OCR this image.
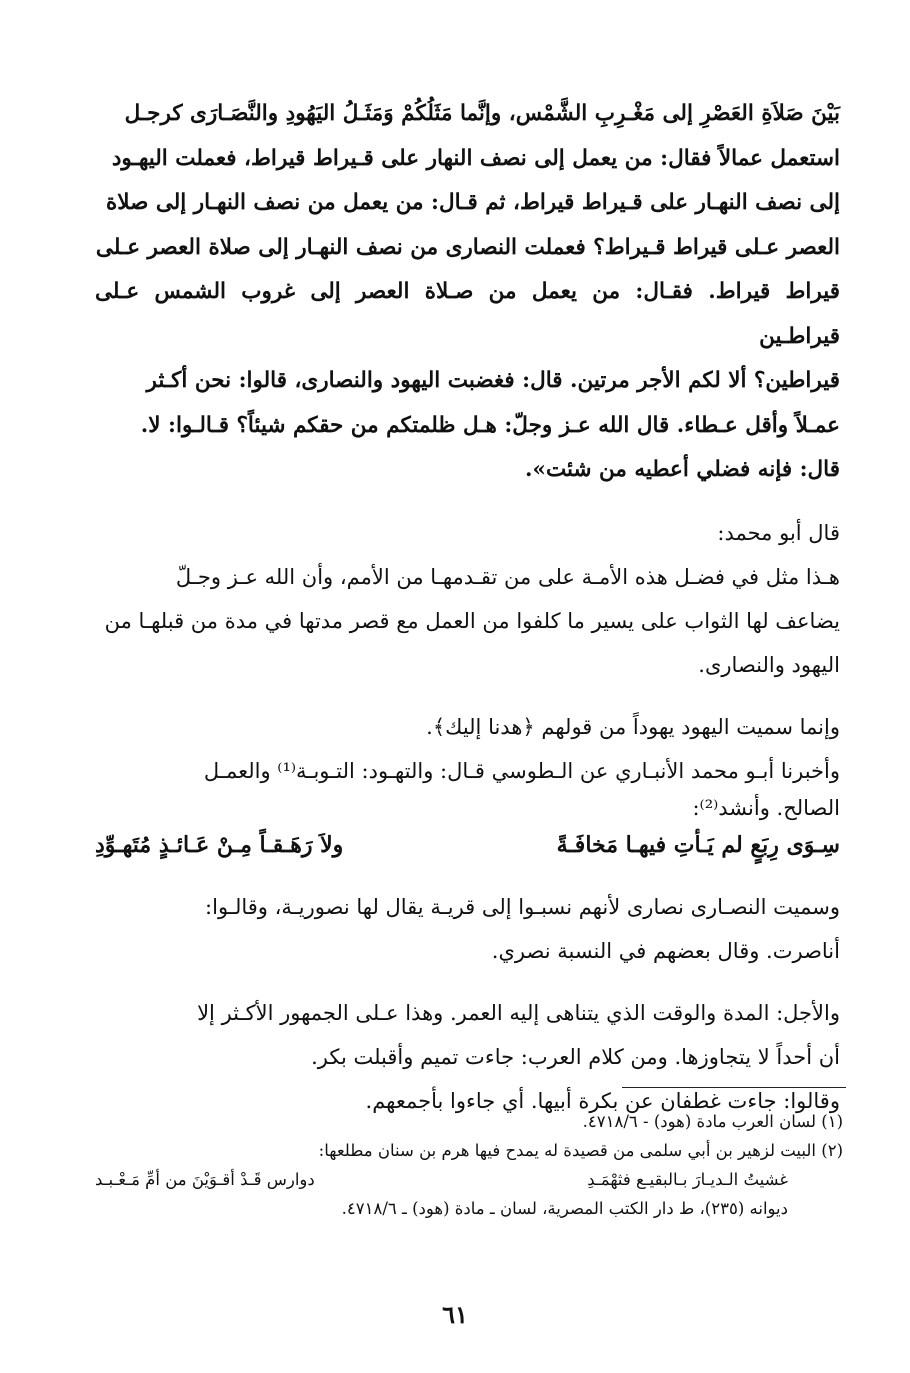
بَيْنَ صَلاَةِ العَصْرِ إلى مَغْـرِبِ الشَّمْس، وإنَّما مَثَلُكُمْ وَمَثَـلُ اليَهُودِ والنَّصَـارَى كرجـل

استعمل عمالاً فقال: من يعمل إلى نصف النهار على قـيراط قيراط، فعملت اليهـود

إلى نصف النهـار على قـيراط قيراط، ثم قـال: من يعمل من نصف النهـار إلى صلاة

العصر عـلى قيراط قـيراط؟ فعملت النصارى من نصف النهـار إلى صلاة العصر عـلى

قيراط قيراط. فقـال: من يعمل من صـلاة العصر إلى غروب الشمس عـلى قيراطـين

قيراطين؟ ألا لكم الأجر مرتين. قال: فغضبت اليهود والنصارى، قالوا: نحن أكـثر

عمـلاً وأقل عـطاء. قال الله عـز وجلّ: هـل ظلمتكم من حقكم شيئاً؟ قـالـوا: لا.

قال: فإنه فضلي أعطيه من شئت».

قال أبو محمد:

هـذا مثل في فضـل هذه الأمـة على من تقـدمهـا من الأمم، وأن الله عـز وجـلّ

يضاعف لها الثواب على يسير ما كلفوا من العمل مع قصر مدتها في مدة من قبلهـا من

اليهود والنصارى.

وإنما سميت اليهود يهوداً من قولهم ﴿هدنا إليك﴾.

وأخبرنا أبـو محمد الأنبـاري عن الـطوسي قـال: والتهـود: التـوبـة⁽¹⁾ والعمـل

الصالح. وأنشد⁽²⁾:

سِـوَى رِبَعٍ لم يَـأتِ فيهـا مَخافَـةً
ولاَ رَهَـقـاً مِـنْ عَـائـذٍ مُتَهـوِّدِ

وسميت النصـارى نصارى لأنهم نسبـوا إلى قريـة يقال لها نصوريـة، وقالـوا:

أناصرت. وقال بعضهم في النسبة نصري.

والأجل: المدة والوقت الذي يتناهى إليه العمر. وهذا عـلى الجمهور الأكـثر إلا

أن أحداً لا يتجاوزها. ومن كلام العرب: جاءت تميم وأقبلت بكر.

وقالوا: جاءت غطفان عن بكرة أبيها. أي جاءوا بأجمعهم.

(١) لسان العرب مادة (هود) - ٤٧١٨/٦.

(٢) البيت لزهير بن أبي سلمى من قصيدة له يمدح فيها هرم بن سنان مطلعها:

غشيتُ الـديـارَ بـالبقيـع فثهْمَـدِ
دوارس قَـدْ أقـوَيْنَ من أمِّ مَـعْـبـد

ديوانه (٢٣٥)، ط دار الكتب المصرية، لسان ـ مادة (هود) ـ ٤٧١٨/٦.

٦١
